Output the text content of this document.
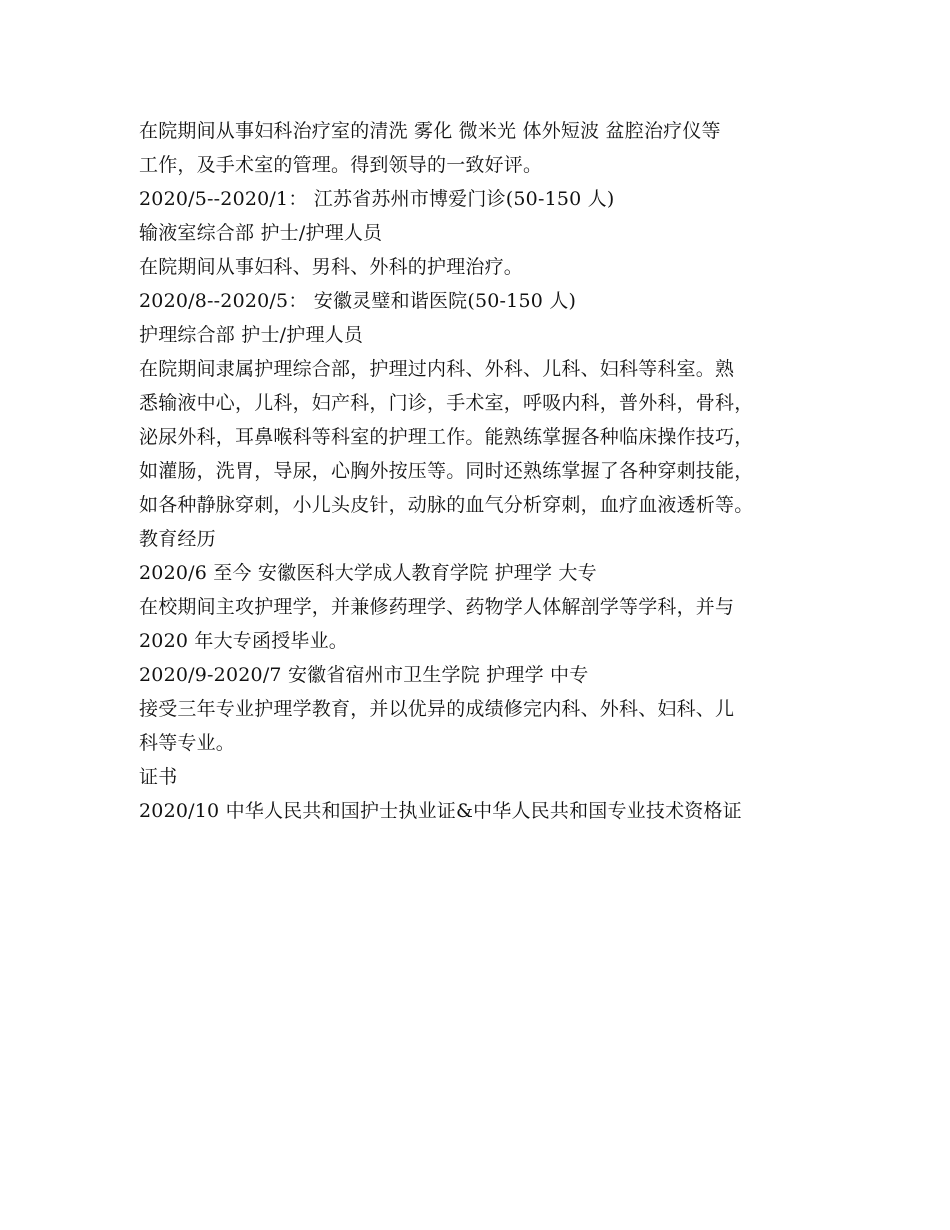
在院期间从事妇科治疗室的清洗 雾化 微米光 体外短波 盆腔治疗仪等
工作，及手术室的管理。得到领导的一致好评。
2020/5--2020/1： 江苏省苏州市博爱门诊(50-150 人)
输液室综合部 护士/护理人员
在院期间从事妇科、男科、外科的护理治疗。
2020/8--2020/5： 安徽灵璧和谐医院(50-150 人)
护理综合部 护士/护理人员
在院期间隶属护理综合部，护理过内科、外科、儿科、妇科等科室。熟
悉输液中心，儿科，妇产科，门诊，手术室，呼吸内科，普外科，骨科，
泌尿外科，耳鼻喉科等科室的护理工作。能熟练掌握各种临床操作技巧，
如灌肠，洗胃，导尿，心胸外按压等。同时还熟练掌握了各种穿刺技能，
如各种静脉穿刺，小儿头皮针，动脉的血气分析穿刺，血疗血液透析等。
教育经历
2020/6 至今 安徽医科大学成人教育学院 护理学 大专
在校期间主攻护理学，并兼修药理学、药物学人体解剖学等学科，并与
2020 年大专函授毕业。
2020/9-2020/7 安徽省宿州市卫生学院 护理学 中专
接受三年专业护理学教育，并以优异的成绩修完内科、外科、妇科、儿
科等专业。
证书
2020/10 中华人民共和国护士执业证&中华人民共和国专业技术资格证
